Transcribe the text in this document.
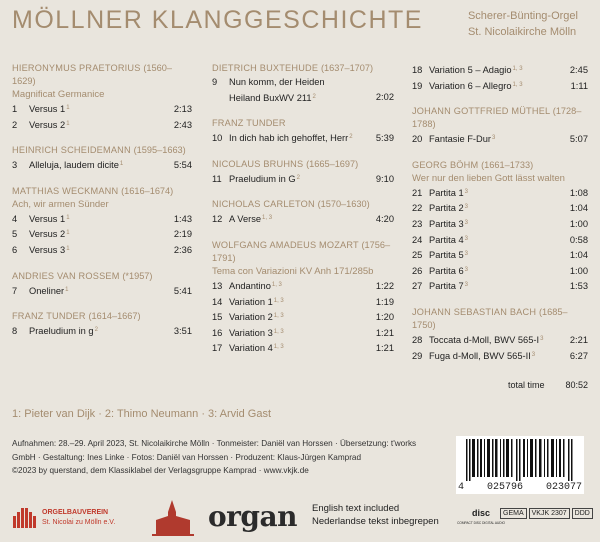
MÖLLNER KLANGGESCHICHTE	Scherer-Bünting-Orgel
St. Nicolaikirche Mölln
HIERONYMUS PRAETORIUS (1560–1629)
Magnificat Germanice
1	Versus $1^1$	2:13
2	Versus $2^1$	2:43
HEINRICH SCHEIDEMANN (1595–1663)
3	Alleluja, laudem dicite$^1$	5:54
MATTHIAS WECKMANN (1616–1674)
Ach, wir armen Sünder
4	Versus $1^1$	1:43
5	Versus $2^1$	2:19
6	Versus $3^1$	2:36
ANDRIES VAN ROSSEM (*1957)
7	Oneliner$^1$	5:41
FRANZ TUNDER (1614–1667)
8	Praeludium in $g^2$	3:51
DIETRICH BUXTEHUDE (1637–1707)
9	Nun komm, der Heiden
Heiland BuxWV $211^2$	2:02
FRANZ TUNDER
10 In dich hab ich gehoffet, Herr$^2$	5:39
NICOLAUS BRUHNS (1665–1697)
11 Praeludium in $G^2$	9:10
NICHOLAS CARLETON (1570–1630)
12 A Verse$^{1, 3}$	4:20
WOLFGANG AMADEUS MOZART (1756–1791)
Tema con Variazioni KV Anh 171/285b
13 Andantino$^{1, 3}$	1:22
14 Variation 1$^{1, 3}$	1:19
15 Variation 2$^{1, 3}$	1:20
16 Variation 3$^{1, 3}$	1:21
17 Variation 4$^{1, 3}$	1:21
18 Variation 5 – Adagio$^{1, 3}$	2:45
19 Variation 6 – Allegro$^{1, 3}$	1:11
JOHANN GOTTFRIED MÜTHEL (1728–1788)
20 Fantasie F-Dur$^3$	5:07
GEORG BÖHM (1661–1733)
Wer nur den lieben Gott lässt walten
21 Partita $1^3$	1:08
22 Partita $2^3$	1:04
23 Partita $3^3$	1:00
24 Partita $4^3$	0:58
25 Partita $5^3$	1:04
26 Partita $6^3$	1:00
27 Partita $7^3$	1:53
JOHANN SEBASTIAN BACH (1685–1750)
28 Toccata d-Moll, BWV $565-I^3$	2:21
29 Fuga d-Moll, BWV $565-II^3$	6:27
total time 80:52
1: Pieter van Dijk · 2: Thimo Neumann · 3: Arvid Gast
Aufnahmen: 28.–29. April 2023, St. Nicolaikirche Mölln · Tonmeister: Daniël van Horssen · Übersetzung: t'works
GmbH · Gestaltung: Ines Linke · Fotos: Daniël van Horssen · Produzent: Klaus-Jürgen Kamprad
©2023 by querstand, dem Klassiklabel der Verlagsgruppe Kamprad · www.vkjk.de
4 025796 023077
ORGELBAUVEREIN
St. Nicolai zu Mölln e.V.	organ English text included
Nederlandse tekst inbegrepen
disc
COMPACT DISC DIGITAL AUDIO
GEMA	VKJK 2307	DDD
